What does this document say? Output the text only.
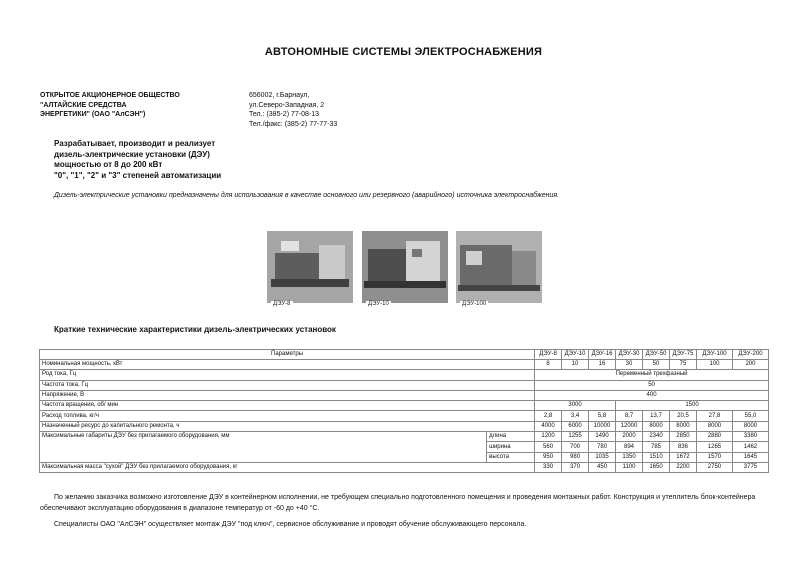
АВТОНОМНЫЕ СИСТЕМЫ ЭЛЕКТРОСНАБЖЕНИЯ
ОТКРЫТОЕ АКЦИОНЕРНОЕ ОБЩЕСТВО
"АЛТАЙСКИЕ СРЕДСТВА
ЭНЕРГЕТИКИ" (ОАО "АлСЭН")
656002, г.Барнаул,
ул.Северо-Западная, 2
Тел.: (385-2) 77-08-13
Тел./факс: (385-2) 77-77-33
Разрабатывает, производит и реализует
дизель-электрические установки (ДЭУ)
мощностью от 8 до 200 кВт
"0", "1", "2" и "3" степеней автоматизации
Дизель-электрические установки предназначены для использования в качестве основного или резервного (аварийного) источника электроснабжения.
ДЭУ-8	ДЭУ-10	ДЭУ-100
Краткие технические характеристики дизель-электрических установок
Параметры		ДЭУ-8	ДЭУ-10	ДЭУ-16	ДЭУ-30	ДЭУ-50	ДЭУ-75	ДЭУ-100	ДЭУ-200
Номинальная мощность, кВт		8	10	16	30	50	75	100	200
Род тока, Гц		Переменный трехфазный							
Частота тока, Гц		50							
Напряжение, В		400							
Частота вращения, об/ мин		3000			1500				
Расход топлива, кг/ч		2,8	3,4	5,8	8,7	13,7	20,5	27,8	55,0
Назначенный ресурс до капитального ремонта, ч		4000	6000	10000	12000	8000	8000	8000	8000
Максимальные габариты ДЭУ без прилагаемого оборудования, мм	длина	1200	1255	1490	2000	2340	2850	2880	3380
	ширина	560	700	780	894	785	836	1265	1462
	высота	950	980	1035	1350	1510	1672	1570	1645
Максимальная масса "сухой" ДЭУ без прилагаемого оборудования, кг		330	370	450	1100	1650	2200	2750	3775
По желанию заказчика возможно изготовление ДЭУ в контейнерном исполнении, не требующем специально подготовленного помещения и проведения монтажных работ. Конструкция и утеплитель блок-контейнера
обеспечивают эксплуатацию оборудования в диапазоне температур от -60 до +40 °С.
Специалисты ОАО "АлСЭН" осуществляет монтаж ДЭУ "под ключ", сервисное обслуживание и проводят обучение обслуживающего персонала.
